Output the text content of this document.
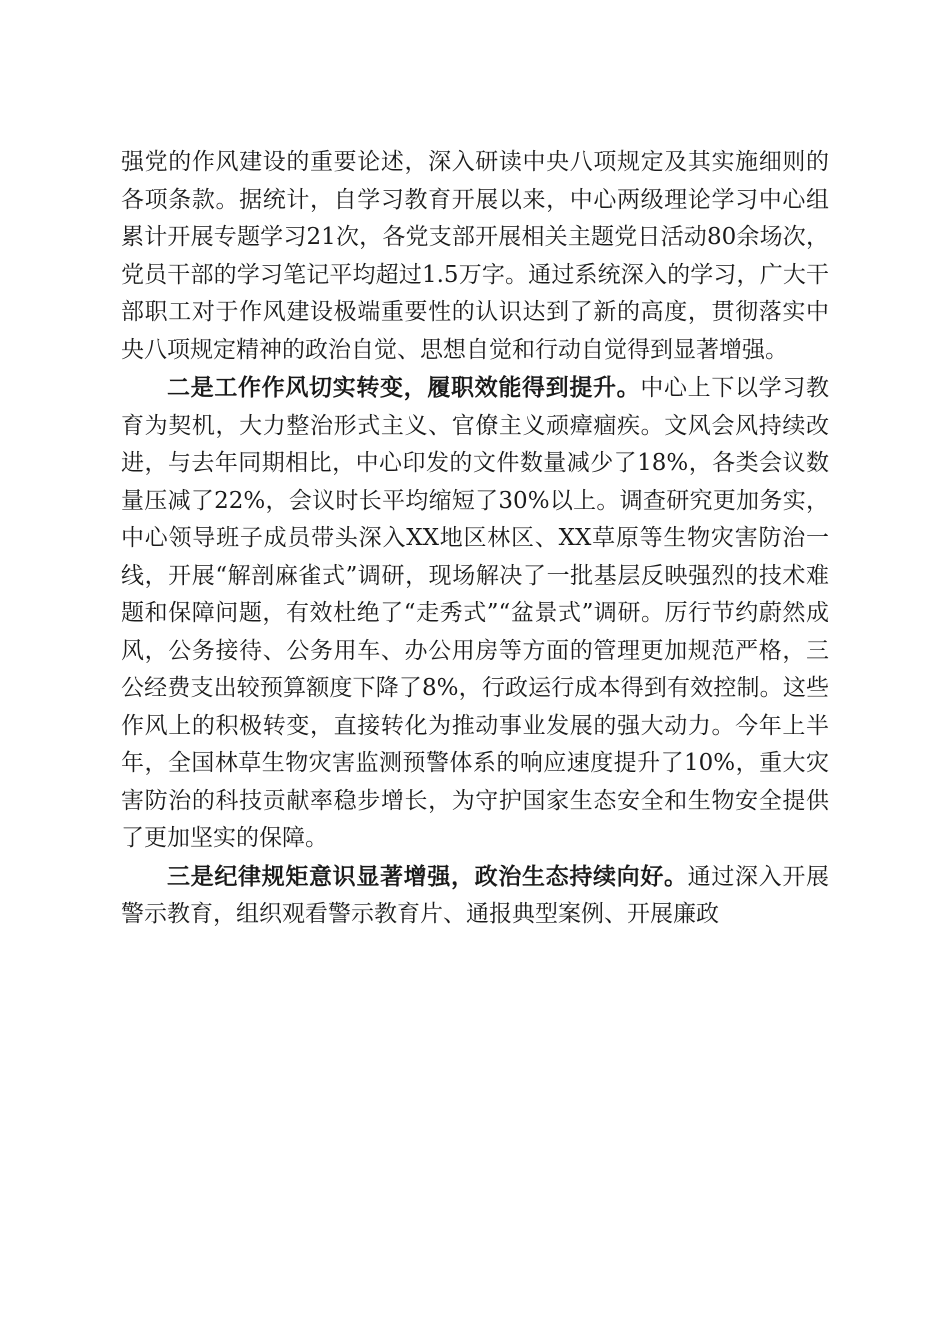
强党的作风建设的重要论述，深入研读中央八项规定及其实施细则的各项条款。据统计，自学习教育开展以来，中心两级理论学习中心组累计开展专题学习21次，各党支部开展相关主题党日活动80余场次，党员干部的学习笔记平均超过1.5万字。通过系统深入的学习，广大干部职工对于作风建设极端重要性的认识达到了新的高度，贯彻落实中央八项规定精神的政治自觉、思想自觉和行动自觉得到显著增强。

二是工作作风切实转变，履职效能得到提升。中心上下以学习教育为契机，大力整治形式主义、官僚主义顽瘴痼疾。文风会风持续改进，与去年同期相比，中心印发的文件数量减少了18%，各类会议数量压减了22%，会议时长平均缩短了30%以上。调查研究更加务实，中心领导班子成员带头深入XX地区林区、XX草原等生物灾害防治一线，开展“解剖麻雀式”调研，现场解决了一批基层反映强烈的技术难题和保障问题，有效杜绝了“走秀式”“盆景式”调研。厉行节约蔚然成风，公务接待、公务用车、办公用房等方面的管理更加规范严格，三公经费支出较预算额度下降了8%，行政运行成本得到有效控制。这些作风上的积极转变，直接转化为推动事业发展的强大动力。今年上半年，全国林草生物灾害监测预警体系的响应速度提升了10%，重大灾害防治的科技贡献率稳步增长，为守护国家生态安全和生物安全提供了更加坚实的保障。

三是纪律规矩意识显著增强，政治生态持续向好。通过深入开展警示教育，组织观看警示教育片、通报典型案例、开展廉政
